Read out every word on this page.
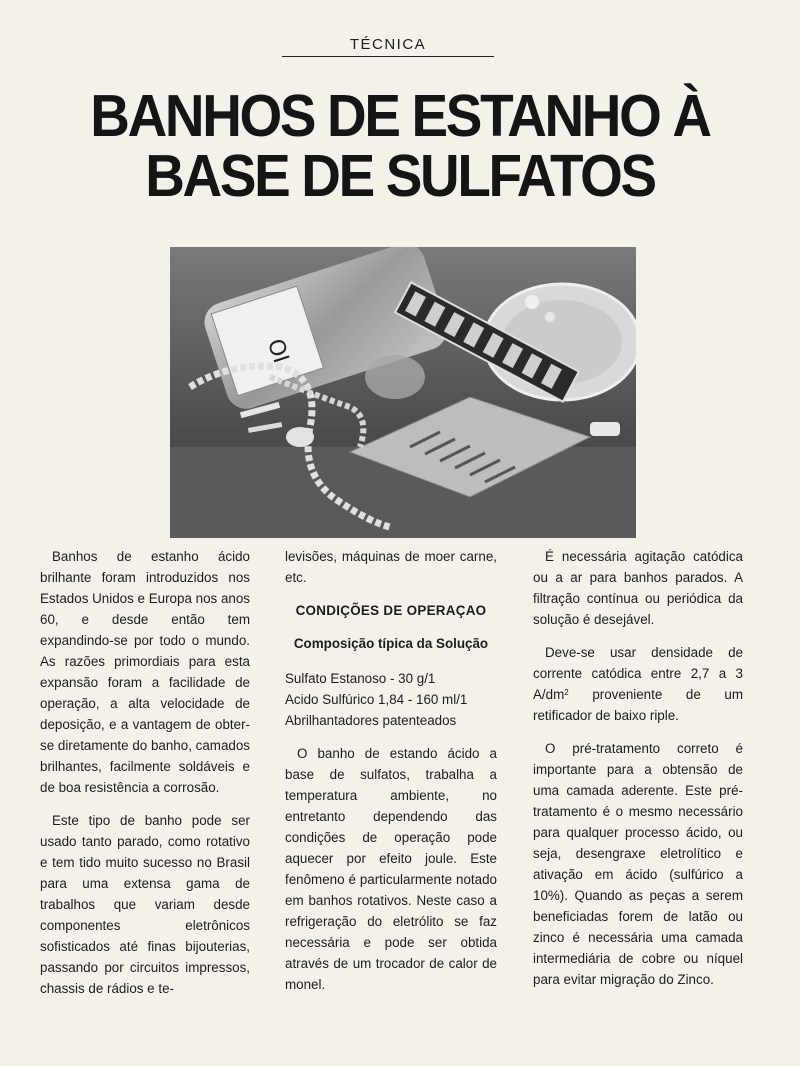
TÉCNICA
BANHOS DE ESTANHO À
BASE DE SULFATOS
OI

Banhos de estanho ácido brilhante foram introduzidos nos Estados Unidos e Europa nos anos 60, e desde então tem expandindo-se por todo o mundo. As razões primordiais para esta expansão foram a facilidade de operação, a alta velocidade de deposição, e a vantagem de obter-se diretamente do banho, camados brilhantes, facilmente soldáveis e de boa resistência a corrosão.

Este tipo de banho pode ser usado tanto parado, como rotativo e tem tido muito sucesso no Brasil para uma extensa gama de trabalhos que variam desde componentes eletrônicos sofisticados até finas bijouterias, passando por circuitos impressos, chassis de rádios e te-

levisões, máquinas de moer carne, etc.

CONDIÇÕES DE OPERAÇAO
Composição típica da Solução
Sulfato Estanoso - 30 g/1
Acido Sulfúrico 1,84 - 160 ml/1
Abrilhantadores patenteados

O banho de estando ácido a base de sulfatos, trabalha a temperatura ambiente, no entretanto dependendo das condições de operação pode aquecer por efeito joule. Este fenômeno é particularmente notado em banhos rotativos. Neste caso a refrigeração do eletrólito se faz necessária e pode ser obtida através de um trocador de calor de monel.

É necessária agitação catódica ou a ar para banhos parados. A filtração contínua ou periódica da solução é desejável.

Deve-se usar densidade de corrente catódica entre 2,7 a 3 $A/dm^2$ proveniente de um retificador de baixo riple.

O pré-tratamento correto é importante para a obtensão de uma camada aderente. Este pré-tratamento é o mesmo necessário para qualquer processo ácido, ou seja, desengraxe eletrolítico e ativação em ácido (sulfúrico a 10%). Quando as peças a serem beneficiadas forem de latão ou zinco é necessária uma camada intermediária de cobre ou níquel para evitar migração do Zinco.
